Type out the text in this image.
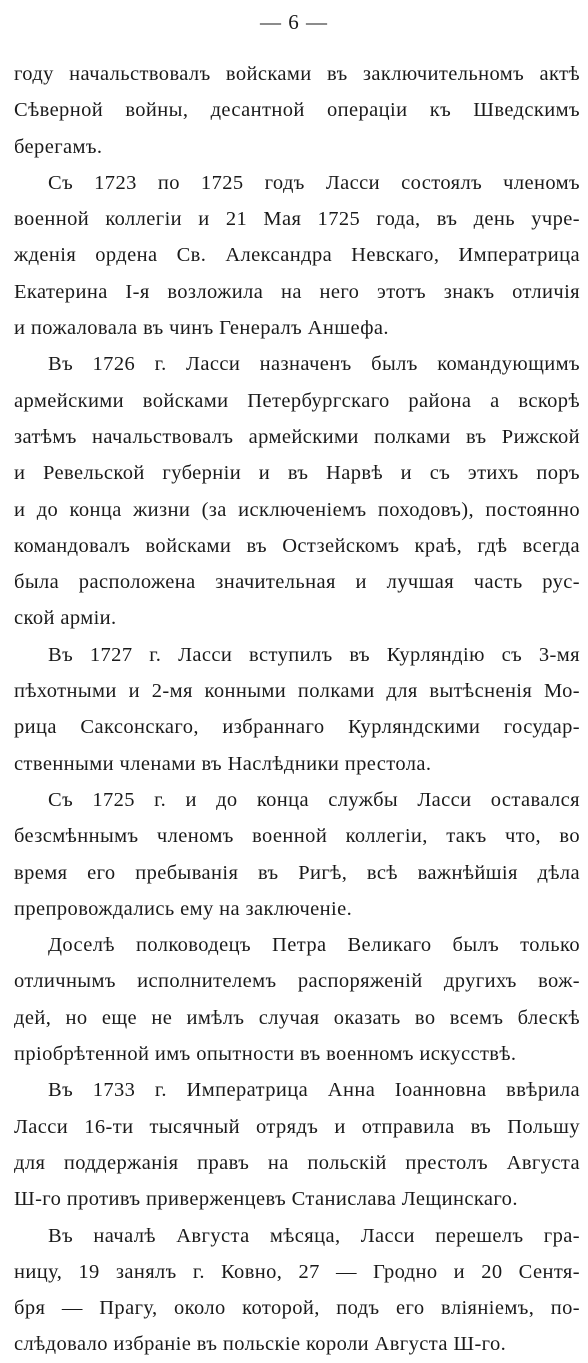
— 6 —
году начальствовалъ войсками въ заключительномъ актѣ
Сѣверной войны, десантной операціи къ Шведскимъ
берегамъ.
Съ 1723 по 1725 годъ Ласси состоялъ членомъ
военной коллегіи и 21 Мая 1725 года, въ день учре-
жденія ордена Св. Александра Невскаго, Императрица
Екатерина I-я возложила на него этотъ знакъ отличія
и пожаловала въ чинъ Генералъ Аншефа.
Въ 1726 г. Ласси назначенъ былъ командующимъ
армейскими войсками Петербургскаго района а вскорѣ
затѣмъ начальствовалъ армейскими полками въ Рижской
и Ревельской губерніи и въ Нарвѣ и съ этихъ поръ
и до конца жизни (за исключеніемъ походовъ), постоянно
командовалъ войсками въ Остзейскомъ краѣ, гдѣ всегда
была расположена значительная и лучшая часть рус-
ской арміи.
Въ 1727 г. Ласси вступилъ въ Курляндію съ 3-мя
пѣхотными и 2-мя конными полками для вытѣсненія Мо-
рица Саксонскаго, избраннаго Курляндскими государ-
ственными членами въ Наслѣдники престола.
Съ 1725 г. и до конца службы Ласси оставался
безсмѣннымъ членомъ военной коллегіи, такъ что, во
время его пребыванія въ Ригѣ, всѣ важнѣйшія дѣла
препровождались ему на заключеніе.
Доселѣ полководецъ Петра Великаго былъ только
отличнымъ исполнителемъ распоряженій другихъ вож-
дей, но еще не имѣлъ случая оказать во всемъ блескѣ
пріобрѣтенной имъ опытности въ военномъ искусствѣ.
Въ 1733 г. Императрица Анна Іоанновна ввѣрила
Ласси 16-ти тысячный отрядъ и отправила въ Польшу
для поддержанія правъ на польскій престолъ Августа
Ш-го противъ приверженцевъ Станислава Лещинскаго.
Въ началѣ Августа мѣсяца, Ласси перешелъ гра-
ницу, 19 занялъ г. Ковно, 27 — Гродно и 20 Сентя-
бря — Прагу, около которой, подъ его вліяніемъ, по-
слѣдовало избраніе въ польскіе короли Августа Ш-го.
